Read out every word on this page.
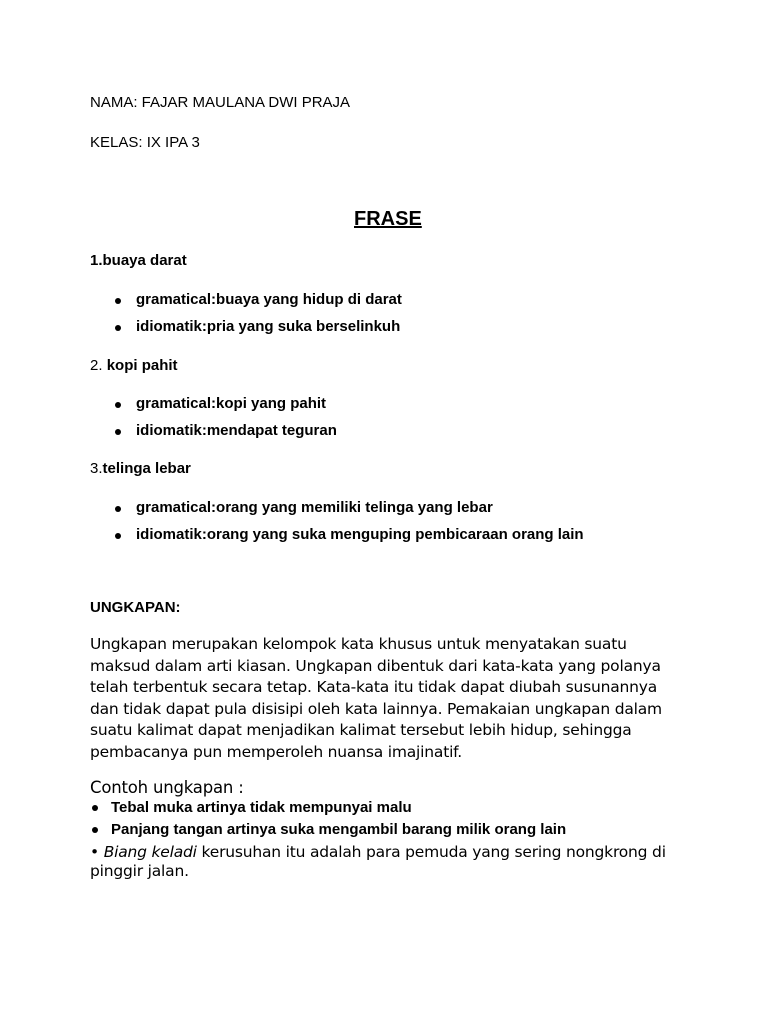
NAMA: FAJAR MAULANA DWI PRAJA
KELAS: IX IPA 3
FRASE
1.buaya darat
gramatical:buaya yang hidup di darat
idiomatik:pria yang suka berselinkuh
2. kopi pahit
gramatical:kopi yang pahit
idiomatik:mendapat teguran
3.telinga lebar
gramatical:orang yang memiliki telinga yang lebar
idiomatik:orang yang suka menguping pembicaraan orang lain
UNGKAPAN:
Ungkapan merupakan kelompok kata khusus untuk menyatakan suatu
maksud dalam arti kiasan. Ungkapan dibentuk dari kata-kata yang polanya
telah terbentuk secara tetap. Kata-kata itu tidak dapat diubah susunannya
dan tidak dapat pula disisipi oleh kata lainnya. Pemakaian ungkapan dalam
suatu kalimat dapat menjadikan kalimat tersebut lebih hidup, sehingga
pembacanya pun memperoleh nuansa imajinatif.
Contoh ungkapan :
Tebal muka artinya tidak mempunyai malu
Panjang tangan artinya suka mengambil barang milik orang lain
• Biang keladi kerusuhan itu adalah para pemuda yang sering nongkrong di
pinggir jalan.
